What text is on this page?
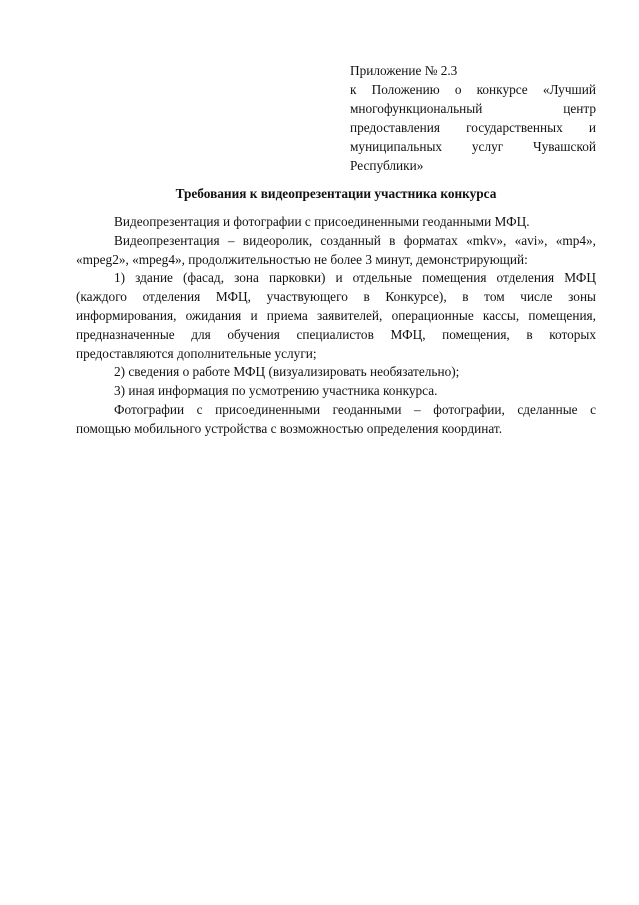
Приложение № 2.3
к Положению о конкурсе «Лучший
многофункциональный центр
предоставления государственных и
муниципальных услуг Чувашской
Республики»
Требования к видеопрезентации участника конкурса
Видеопрезентация и фотографии с присоединенными геоданными МФЦ.
Видеопрезентация – видеоролик, созданный в форматах «mkv», «avi», «mp4»,
«mpeg2», «mpeg4», продолжительностью не более 3 минут, демонстрирующий:
1) здание (фасад, зона парковки) и отдельные помещения отделения МФЦ
(каждого отделения МФЦ, участвующего в Конкурсе), в том числе зоны
информирования, ожидания и приема заявителей, операционные кассы, помещения,
предназначенные для обучения специалистов МФЦ, помещения, в которых
предоставляются дополнительные услуги;
2) сведения о работе МФЦ (визуализировать необязательно);
3) иная информация по усмотрению участника конкурса.
Фотографии с присоединенными геоданными – фотографии, сделанные с
помощью мобильного устройства с возможностью определения координат.
